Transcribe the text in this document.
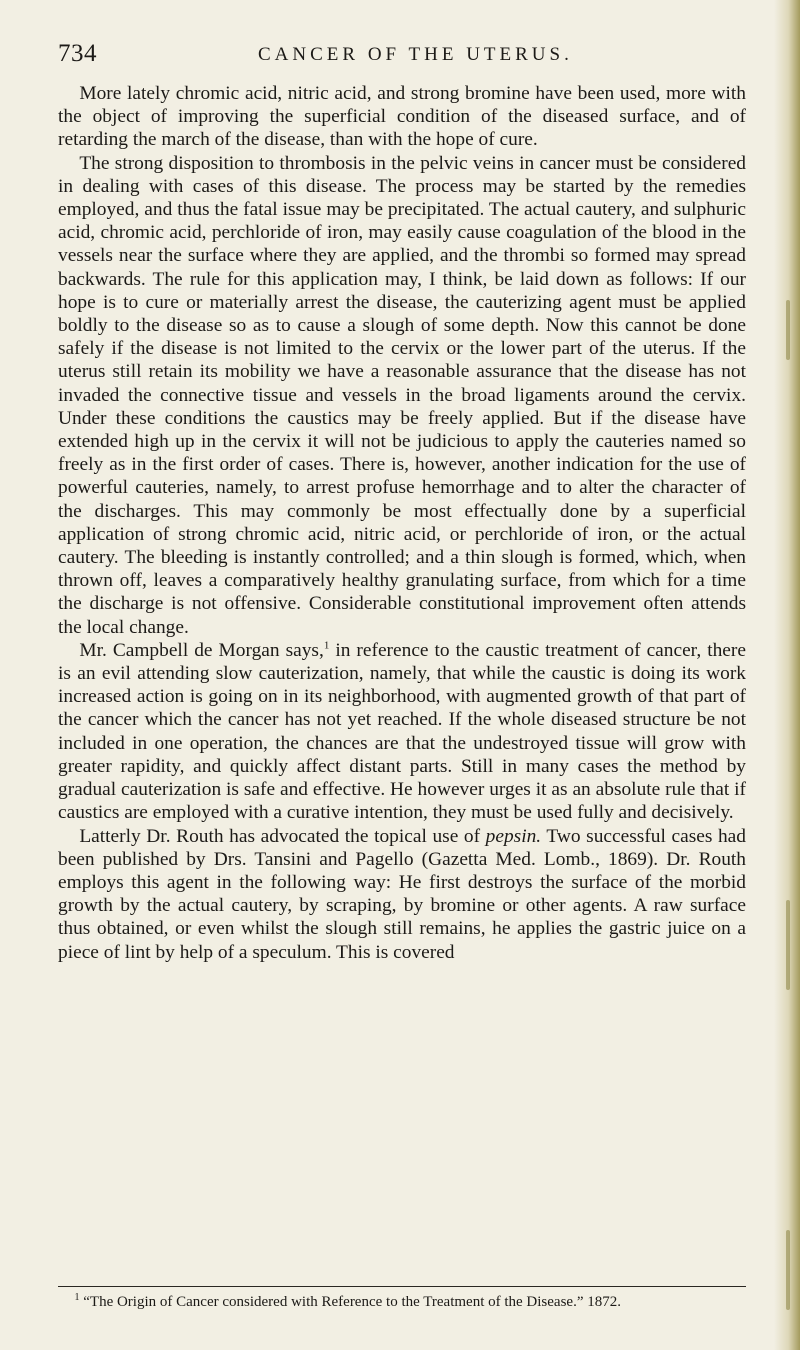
734	CANCER OF THE UTERUS.

More lately chromic acid, nitric acid, and strong bromine have been used, more with the object of improving the superficial condition of the diseased surface, and of retarding the march of the disease, than with the hope of cure.

The strong disposition to thrombosis in the pelvic veins in cancer must be considered in dealing with cases of this disease. The process may be started by the remedies employed, and thus the fatal issue may be precipitated. The actual cautery, and sulphuric acid, chromic acid, perchloride of iron, may easily cause coagulation of the blood in the vessels near the surface where they are applied, and the thrombi so formed may spread backwards. The rule for this application may, I think, be laid down as follows: If our hope is to cure or materially arrest the disease, the cauterizing agent must be applied boldly to the disease so as to cause a slough of some depth. Now this cannot be done safely if the disease is not limited to the cervix or the lower part of the uterus. If the uterus still retain its mobility we have a reasonable assurance that the disease has not invaded the connective tissue and vessels in the broad ligaments around the cervix. Under these conditions the caustics may be freely applied. But if the disease have extended high up in the cervix it will not be judicious to apply the cauteries named so freely as in the first order of cases. There is, however, another indication for the use of powerful cauteries, namely, to arrest profuse hemorrhage and to alter the character of the discharges. This may commonly be most effectually done by a superficial application of strong chromic acid, nitric acid, or perchloride of iron, or the actual cautery. The bleeding is instantly controlled; and a thin slough is formed, which, when thrown off, leaves a comparatively healthy granulating surface, from which for a time the discharge is not offensive. Considerable constitutional improvement often attends the local change.

Mr. Campbell de Morgan says,$^1$ in reference to the caustic treatment of cancer, there is an evil attending slow cauterization, namely, that while the caustic is doing its work increased action is going on in its neighborhood, with augmented growth of that part of the cancer which the cancer has not yet reached. If the whole diseased structure be not included in one operation, the chances are that the undestroyed tissue will grow with greater rapidity, and quickly affect distant parts. Still in many cases the method by gradual cauterization is safe and effective. He however urges it as an absolute rule that if caustics are employed with a curative intention, they must be used fully and decisively.

Latterly Dr. Routh has advocated the topical use of pepsin. Two successful cases had been published by Drs. Tansini and Pagello (Gazetta Med. Lomb., 1869). Dr. Routh employs this agent in the following way: He first destroys the surface of the morbid growth by the actual cautery, by scraping, by bromine or other agents. A raw surface thus obtained, or even whilst the slough still remains, he applies the gastric juice on a piece of lint by help of a speculum. This is covered

$^1$ “The Origin of Cancer considered with Reference to the Treatment of the Disease.” 1872.
